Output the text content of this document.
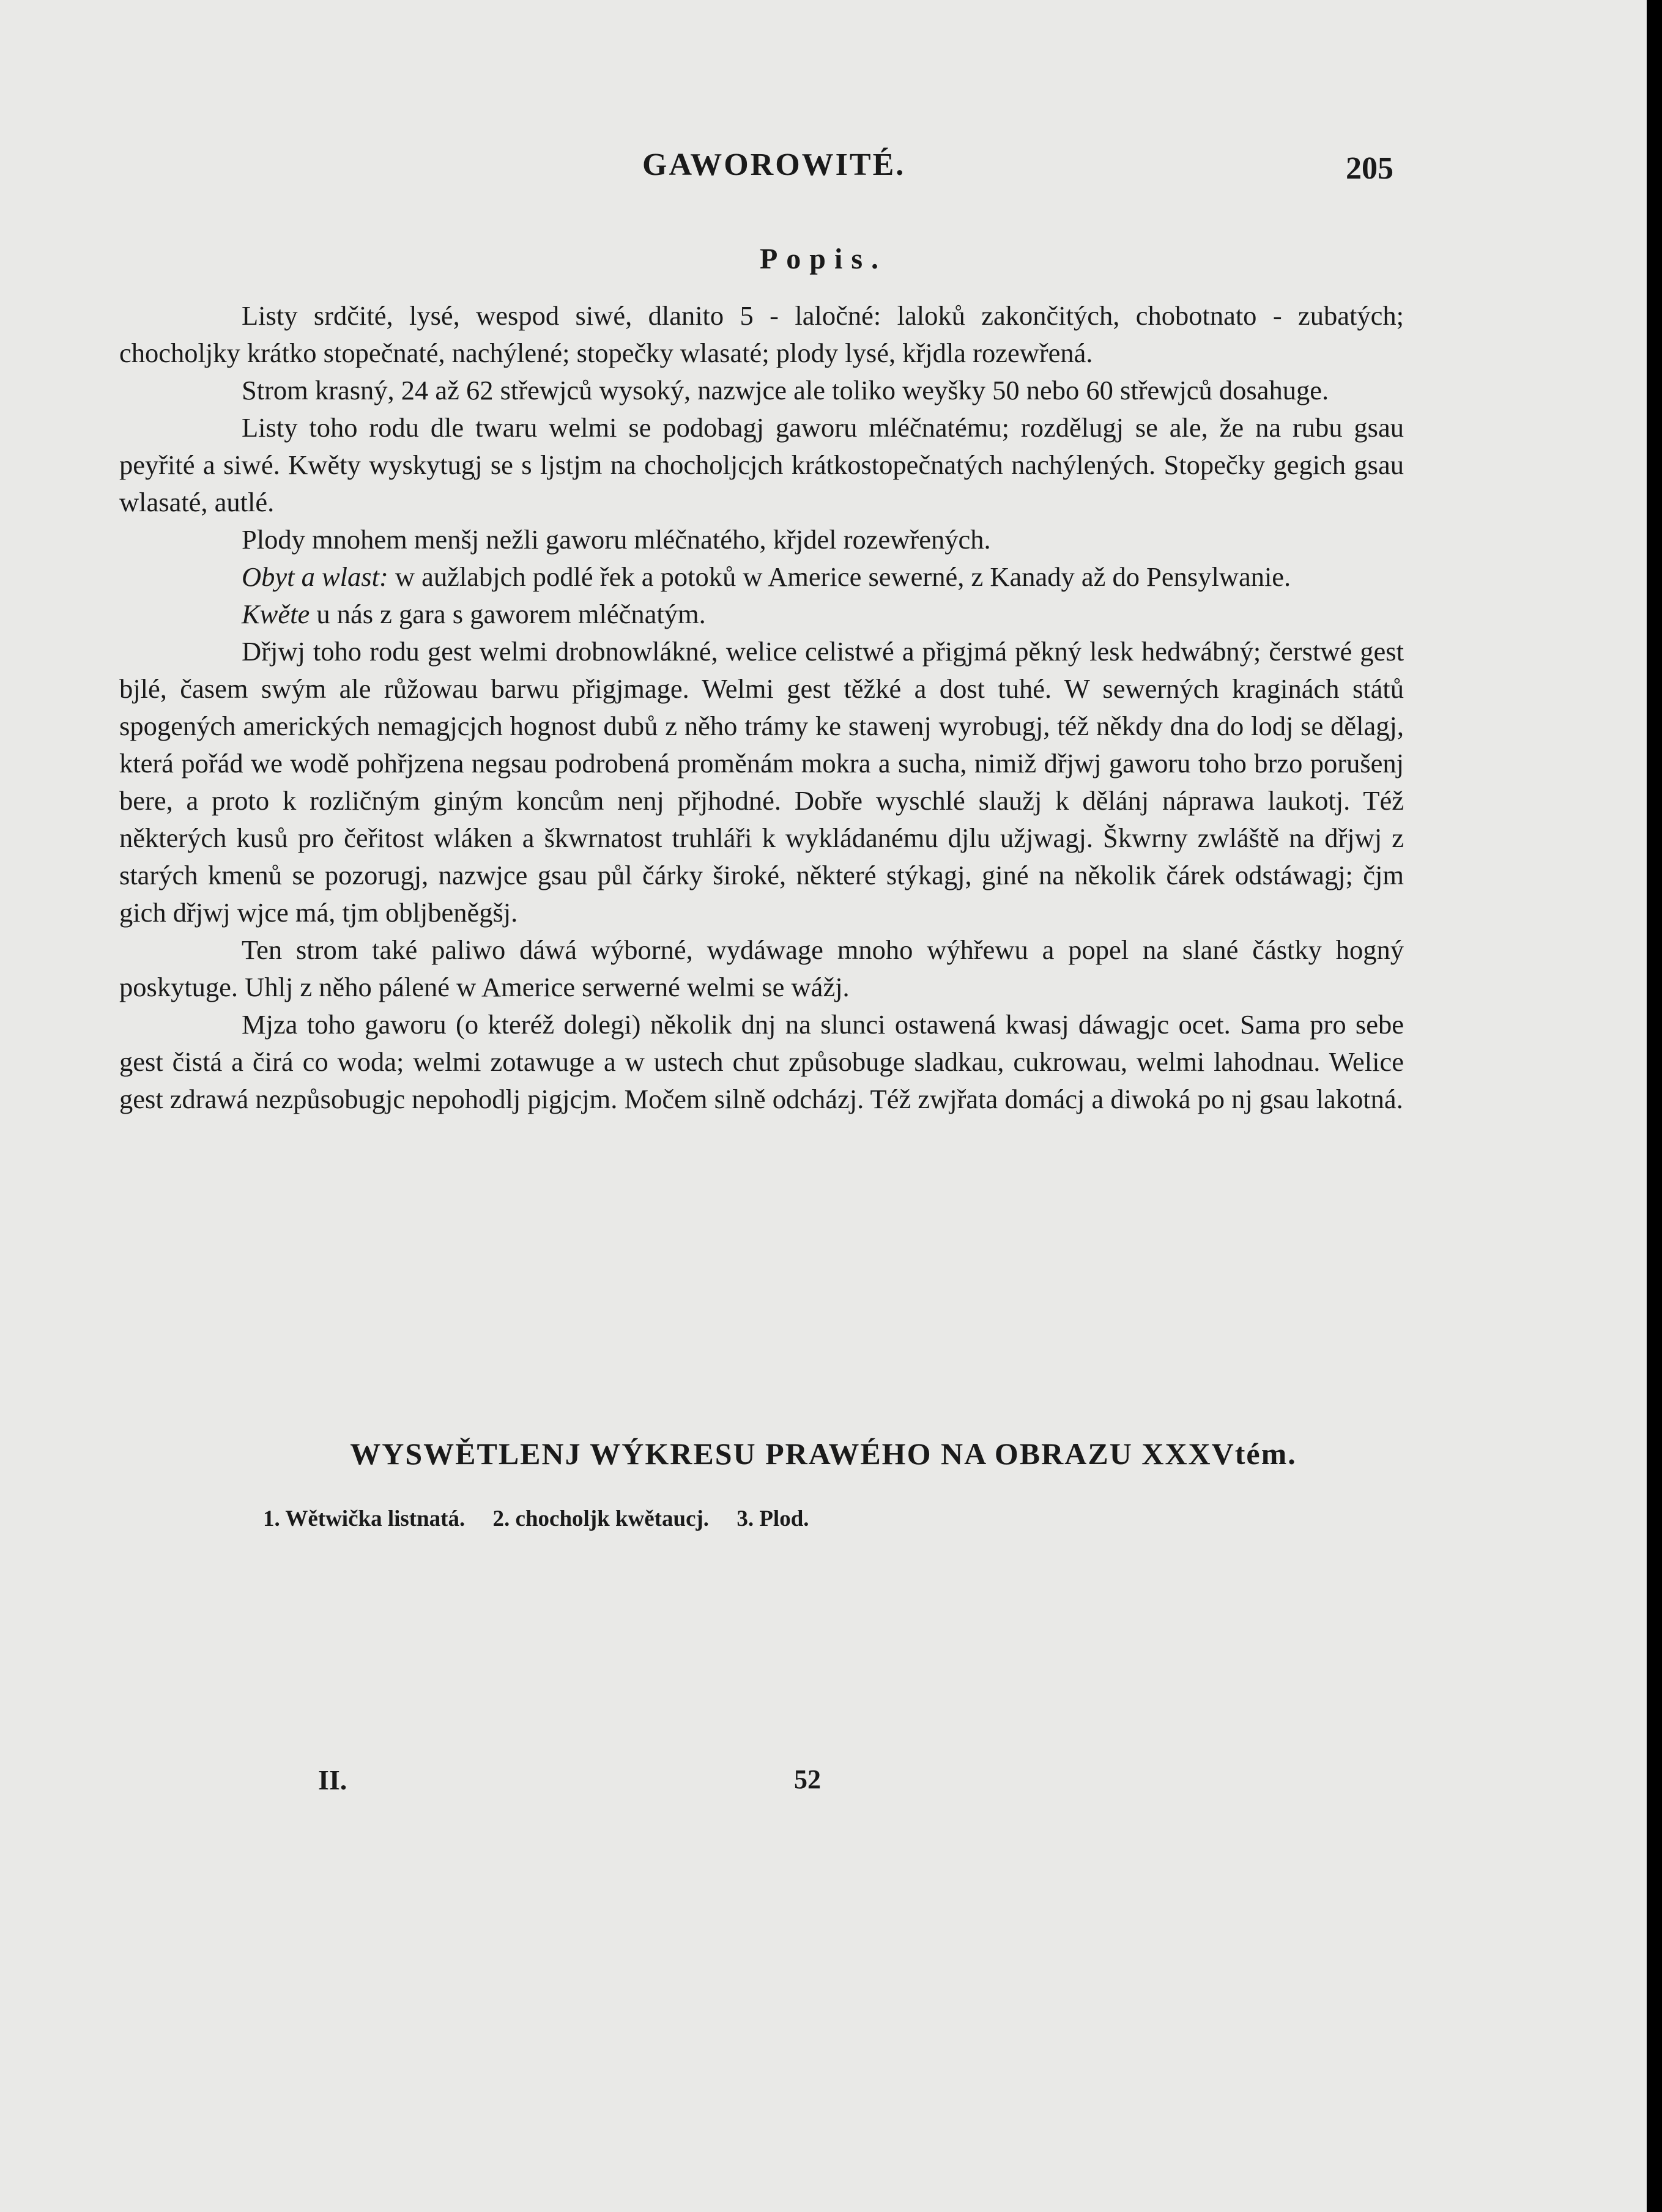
GAWOROWITÉ.	205
Popis.

Listy srdčité, lysé, wespod siwé, dlanito 5 - laločné: laloků zakončitých, chobotnato - zubatých; chocholjky krátko stopečnaté, nachýlené; stopečky wlasaté; plody lysé, křjdla rozewřená.

Strom krasný, 24 až 62 střewjců wysoký, nazwjce ale toliko weyšky 50 nebo 60 střewjců dosahuge.

Listy toho rodu dle twaru welmi se podobagj gaworu mléčnatému; rozdělugj se ale, že na rubu gsau peyřité a siwé. Kwěty wyskytugj se s ljstjm na chocholjcjch krátkostopečnatých nachýlených. Stopečky gegich gsau wlasaté, autlé.

Plody mnohem menšj nežli gaworu mléčnatého, křjdel rozewřených.

Obyt a wlast: w aužlabjch podlé řek a potoků w Americe sewerné, z Kanady až do Pensylwanie.

Kwěte u nás z gara s gaworem mléčnatým.

Dřjwj toho rodu gest welmi drobnowlákné, welice celistwé a přigjmá pěkný lesk hedwábný; čerstwé gest bjlé, časem swým ale růžowau barwu přigjmage. Welmi gest těžké a dost tuhé. W sewerných kraginách států spogených amerických nemagjcjch hognost dubů z něho trámy ke stawenj wyrobugj, též někdy dna do lodj se dělagj, která pořád we wodě pohřjzena negsau podrobená proměnám mokra a sucha, nimiž dřjwj gaworu toho brzo porušenj bere, a proto k rozličným giným koncům nenj přjhodné. Dobře wyschlé slaužj k dělánj náprawa laukotj. Též některých kusů pro čeřitost wláken a škwrnatost truhláři k wykládanému djlu užjwagj. Škwrny zwláště na dřjwj z starých kmenů se pozorugj, nazwjce gsau půl čárky široké, některé stýkagj, giné na několik čárek odstáwagj; čjm gich dřjwj wjce má, tjm oblјbeněgšj.

Ten strom také paliwo dáwá wýborné, wydáwage mnoho wýhřewu a popel na slané částky hogný poskytuge. Uhlj z něho pálené w Americe serwerné welmi se wážj.

Mjza toho gaworu (o kteréž dolegi) několik dnj na slunci ostawená kwasj dáwagjc ocet. Sama pro sebe gest čistá a čirá co woda; welmi zotawuge a w ustech chut způsobuge sladkau, cukrowau, welmi lahodnau. Welice gest zdrawá nezpůsobugjc nepohodlj pigjcjm. Močem silně odcházj. Též zwjřata domácj a diwoká po nj gsau lakotná.

WYSWĚTLENJ WÝKRESU PRAWÉHO NA OBRAZU XXXVtém.
1. Wětwička listnatá. 2. chocholjk kwětaucj. 3. Plod.
II.	52
